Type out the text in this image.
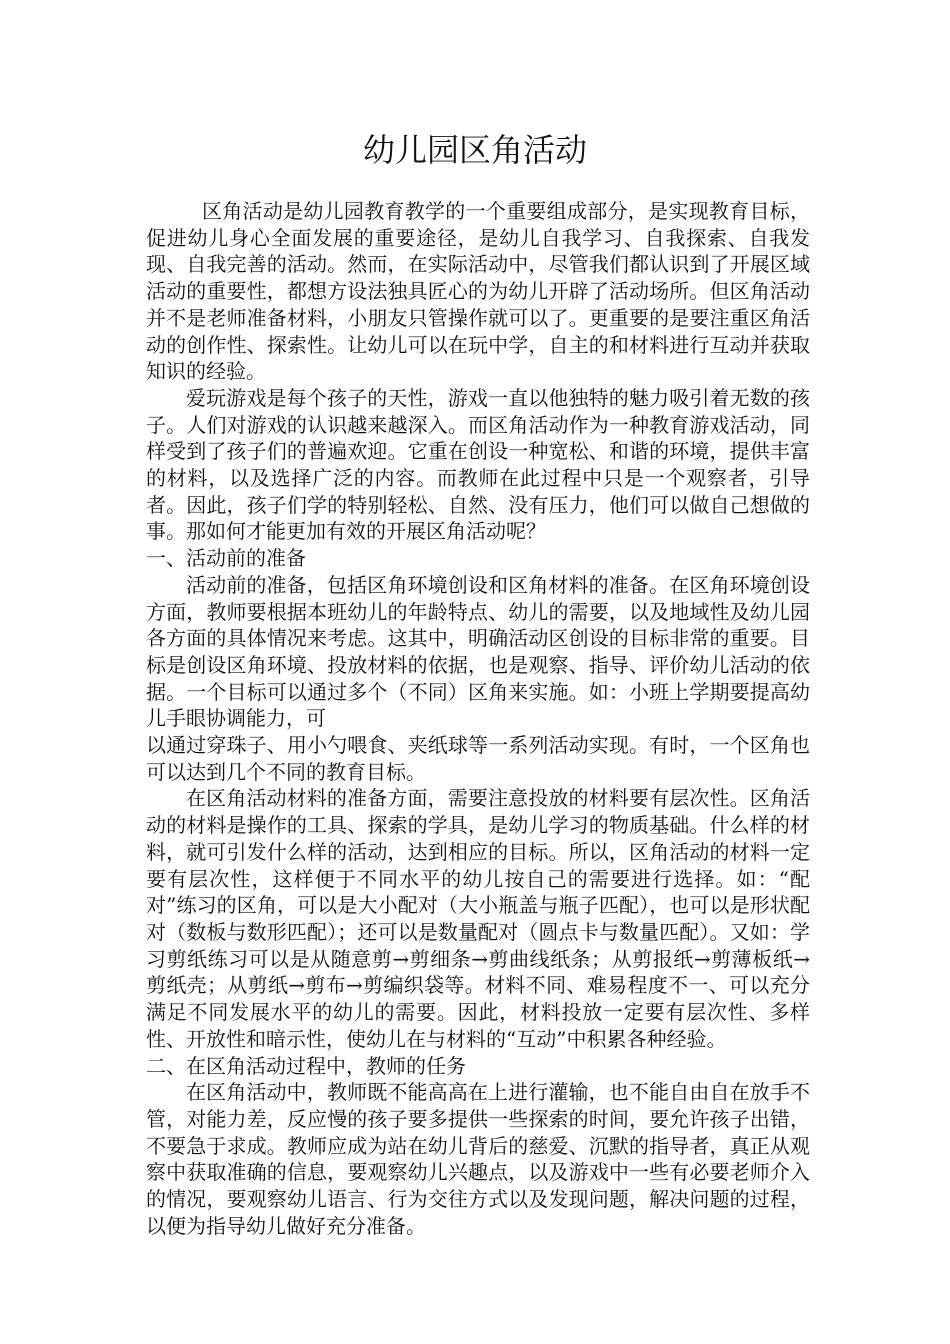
幼儿园区角活动

区角活动是幼儿园教育教学的一个重要组成部分，是实现教育目标，促进幼儿身心全面发展的重要途径，是幼儿自我学习、自我探索、自我发现、自我完善的活动。然而，在实际活动中，尽管我们都认识到了开展区域活动的重要性，都想方设法独具匠心的为幼儿开辟了活动场所。但区角活动并不是老师准备材料，小朋友只管操作就可以了。更重要的是要注重区角活动的创作性、探索性。让幼儿可以在玩中学，自主的和材料进行互动并获取知识的经验。

爱玩游戏是每个孩子的天性，游戏一直以他独特的魅力吸引着无数的孩子。人们对游戏的认识越来越深入。而区角活动作为一种教育游戏活动，同样受到了孩子们的普遍欢迎。它重在创设一种宽松、和谐的环境，提供丰富的材料，以及选择广泛的内容。而教师在此过程中只是一个观察者，引导者。因此，孩子们学的特别轻松、自然、没有压力，他们可以做自己想做的事。那如何才能更加有效的开展区角活动呢？

一、活动前的准备

活动前的准备，包括区角环境创设和区角材料的准备。在区角环境创设方面，教师要根据本班幼儿的年龄特点、幼儿的需要，以及地域性及幼儿园各方面的具体情况来考虑。这其中，明确活动区创设的目标非常的重要。目标是创设区角环境、投放材料的依据，也是观察、指导、评价幼儿活动的依据。一个目标可以通过多个（不同）区角来实施。如：小班上学期要提高幼儿手眼协调能力，可

以通过穿珠子、用小勺喂食、夹纸球等一系列活动实现。有时，一个区角也可以达到几个不同的教育目标。

在区角活动材料的准备方面，需要注意投放的材料要有层次性。区角活动的材料是操作的工具、探索的学具，是幼儿学习的物质基础。什么样的材料，就可引发什么样的活动，达到相应的目标。所以，区角活动的材料一定要有层次性，这样便于不同水平的幼儿按自己的需要进行选择。如：“配对”练习的区角，可以是大小配对（大小瓶盖与瓶子匹配），也可以是形状配对（数板与数形匹配）；还可以是数量配对（圆点卡与数量匹配）。又如：学习剪纸练习可以是从随意剪→剪细条→剪曲线纸条；从剪报纸→剪薄板纸→剪纸壳；从剪纸→剪布→剪编织袋等。材料不同、难易程度不一、可以充分满足不同发展水平的幼儿的需要。因此，材料投放一定要有层次性、多样性、开放性和暗示性，使幼儿在与材料的“互动”中积累各种经验。

二、在区角活动过程中，教师的任务

在区角活动中，教师既不能高高在上进行灌输，也不能自由自在放手不管，对能力差，反应慢的孩子要多提供一些探索的时间，要允许孩子出错，不要急于求成。教师应成为站在幼儿背后的慈爱、沉默的指导者，真正从观察中获取准确的信息，要观察幼儿兴趣点，以及游戏中一些有必要老师介入的情况，要观察幼儿语言、行为交往方式以及发现问题，解决问题的过程，以便为指导幼儿做好充分准备。
